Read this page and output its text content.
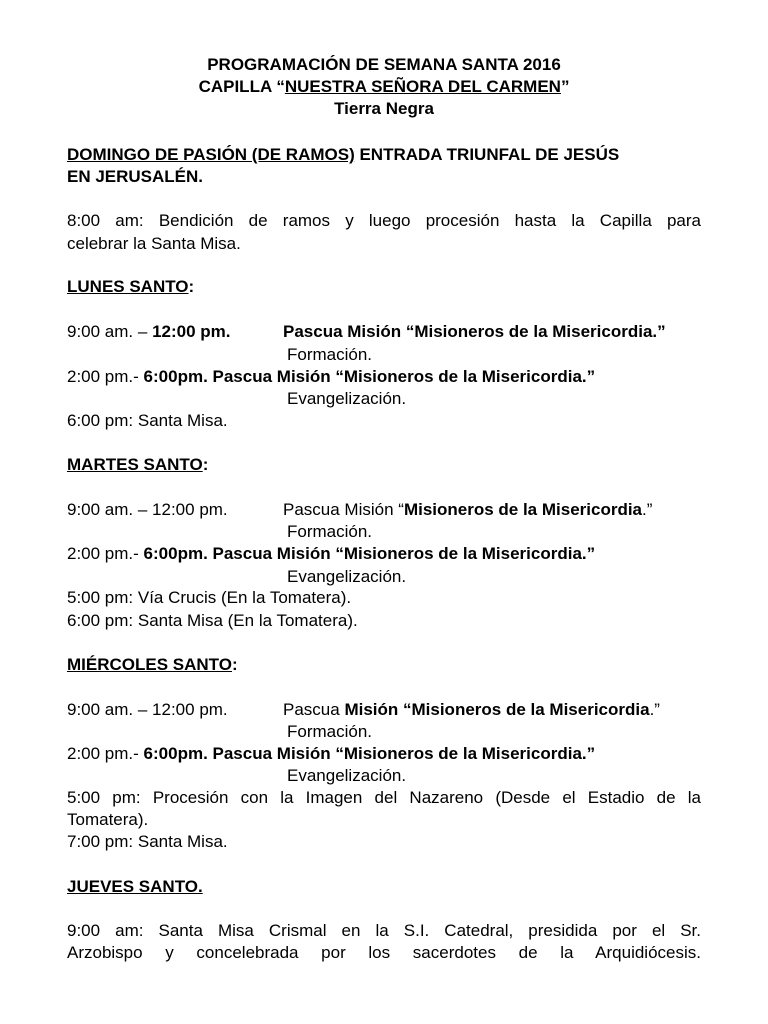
PROGRAMACIÓN DE SEMANA SANTA 2016
CAPILLA “NUESTRA SEÑORA DEL CARMEN”
Tierra Negra
DOMINGO DE PASIÓN (DE RAMOS) ENTRADA TRIUNFAL DE JESÚS
EN JERUSALÉN.
8:00 am: Bendición de ramos y luego procesión hasta la Capilla para
celebrar la Santa Misa.
LUNES SANTO:
9:00 am. – 12:00 pm.	Pascua Misión “Misioneros de la Misericordia.”
Formación.
2:00 pm.- 6:00pm. Pascua Misión “Misioneros de la Misericordia.”
Evangelización.
6:00 pm: Santa Misa.
MARTES SANTO:
9:00 am. – 12:00 pm.	Pascua Misión “Misioneros de la Misericordia.”
Formación.
2:00 pm.- 6:00pm. Pascua Misión “Misioneros de la Misericordia.”
Evangelización.
5:00 pm: Vía Crucis (En la Tomatera).
6:00 pm: Santa Misa (En la Tomatera).
MIÉRCOLES SANTO:
9:00 am. – 12:00 pm.	Pascua Misión “Misioneros de la Misericordia.”
Formación.
2:00 pm.- 6:00pm. Pascua Misión “Misioneros de la Misericordia.”
Evangelización.
5:00 pm: Procesión con la Imagen del Nazareno (Desde el Estadio de la
Tomatera).
7:00 pm: Santa Misa.
JUEVES SANTO.
9:00 am: Santa Misa Crismal en la S.I. Catedral, presidida por el Sr.
Arzobispo y concelebrada por los sacerdotes de la Arquidiócesis.
